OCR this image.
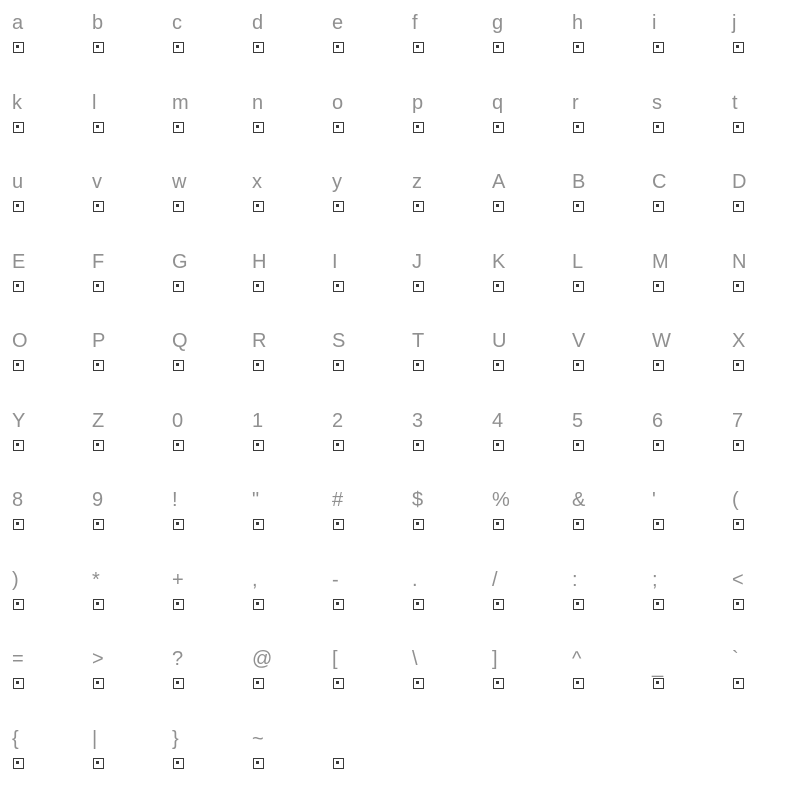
a	b	c	d	e	f	g	h	i	j
k	l	m	n	o	p	q	r	s	t
u	v	w	x	y	z	A	B	C	D
E	F	G	H	I	J	K	L	M	N
O	P	Q	R	S	T	U	V	W	X
Y	Z	0	1	2	3	4	5	6	7
8	9	!	"	#	$	%	&	'	(
)	*	+	,	-	.	/	:	;	<
=	>	?	@	[	\	]	^	_	`
{	|	}	~
